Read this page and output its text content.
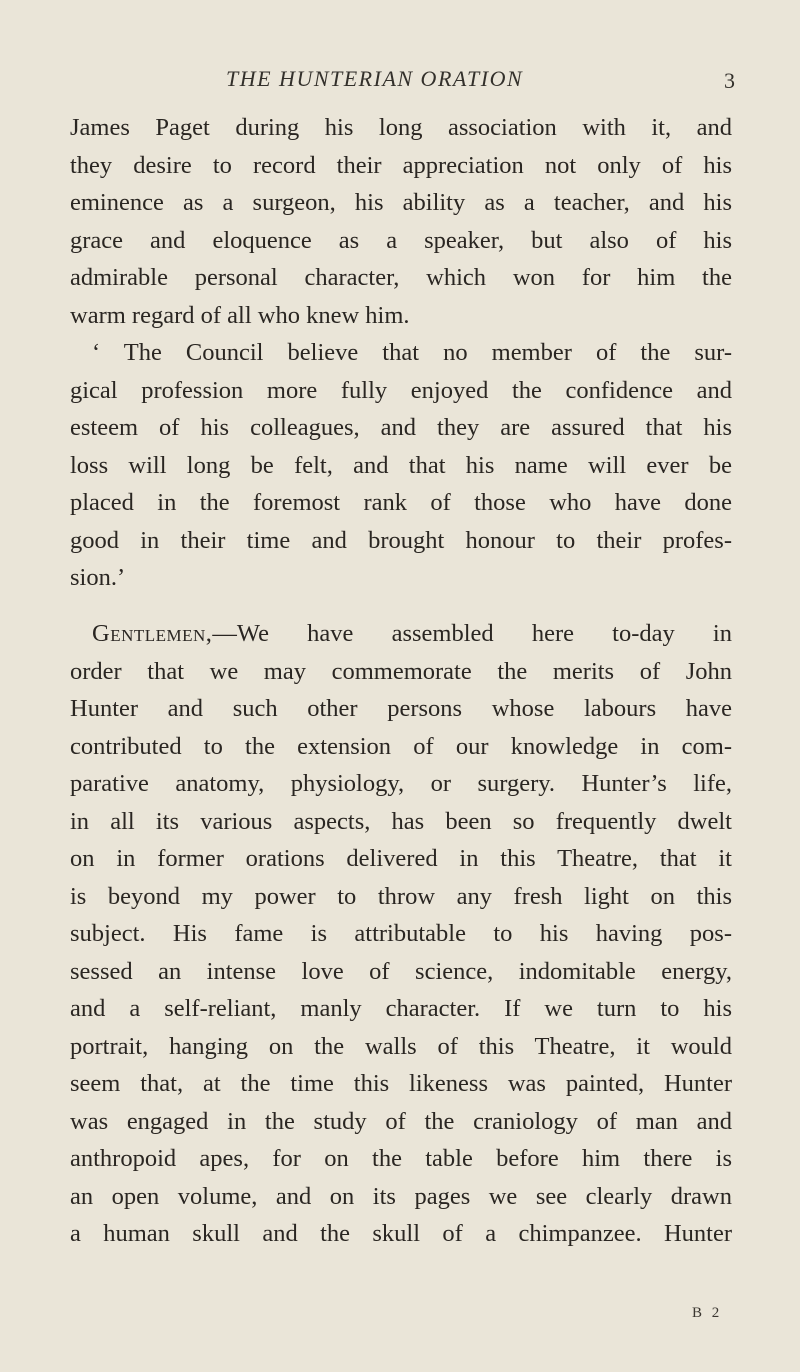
THE HUNTERIAN ORATION	3
James Paget during his long association with it, and
they desire to record their appreciation not only of his
eminence as a surgeon, his ability as a teacher, and his
grace and eloquence as a speaker, but also of his
admirable personal character, which won for him the
warm regard of all who knew him.
‘ The Council believe that no member of the sur-
gical profession more fully enjoyed the confidence and
esteem of his colleagues, and they are assured that his
loss will long be felt, and that his name will ever be
placed in the foremost rank of those who have done
good in their time and brought honour to their profes-
sion.’
Gentlemen,—We have assembled here to-day in
order that we may commemorate the merits of John
Hunter and such other persons whose labours have
contributed to the extension of our knowledge in com-
parative anatomy, physiology, or surgery. Hunter’s life,
in all its various aspects, has been so frequently dwelt
on in former orations delivered in this Theatre, that it
is beyond my power to throw any fresh light on this
subject. His fame is attributable to his having pos-
sessed an intense love of science, indomitable energy,
and a self-reliant, manly character. If we turn to his
portrait, hanging on the walls of this Theatre, it would
seem that, at the time this likeness was painted, Hunter
was engaged in the study of the craniology of man and
anthropoid apes, for on the table before him there is
an open volume, and on its pages we see clearly drawn
a human skull and the skull of a chimpanzee. Hunter
B 2
